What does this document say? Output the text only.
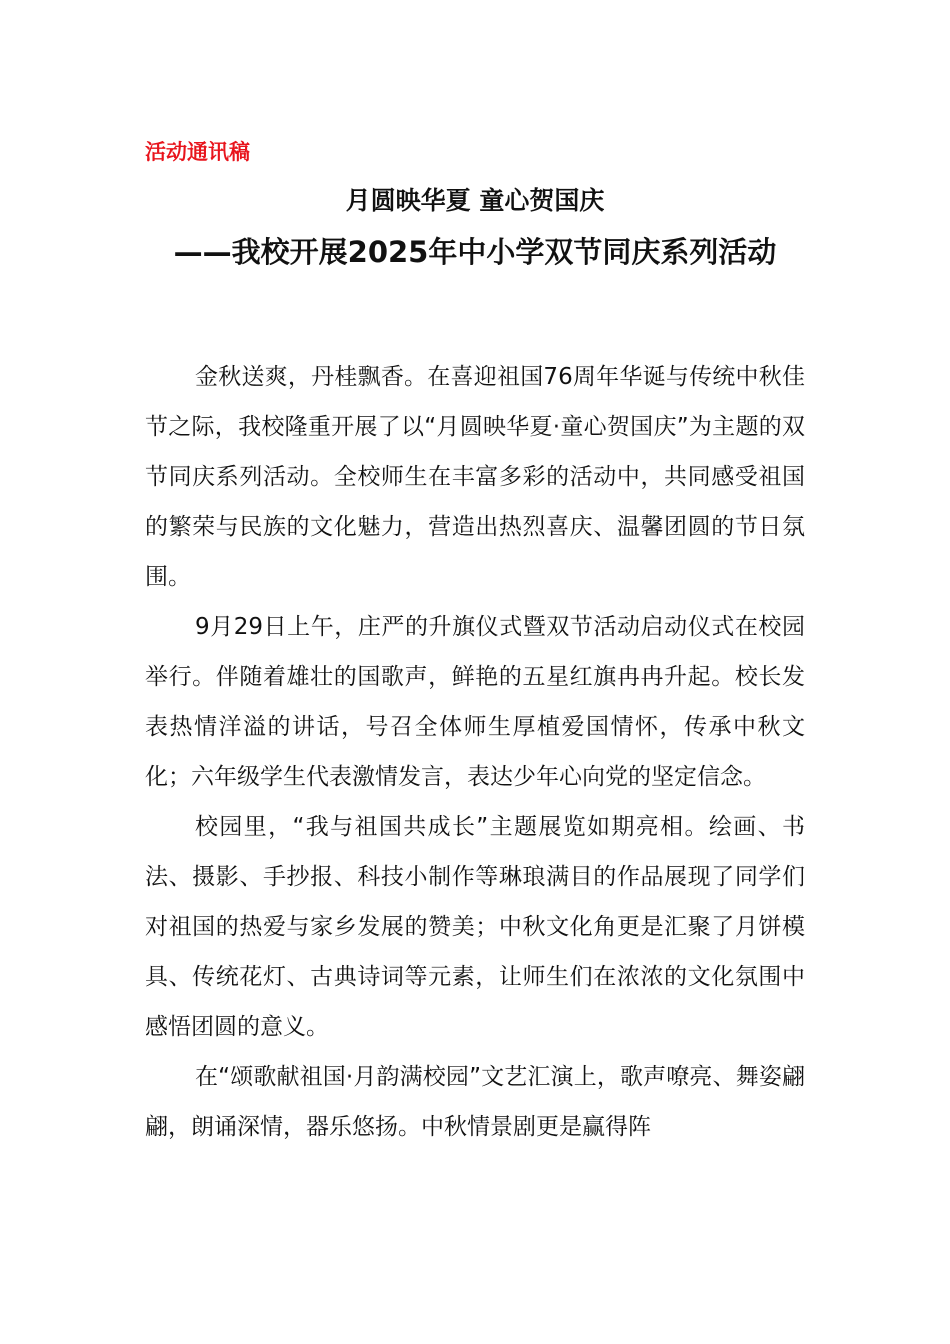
活动通讯稿
月圆映华夏 童心贺国庆
——我校开展2025年中小学双节同庆系列活动

金秋送爽，丹桂飘香。在喜迎祖国76周年华诞与传统中秋佳节之际，我校隆重开展了以“月圆映华夏·童心贺国庆”为主题的双节同庆系列活动。全校师生在丰富多彩的活动中，共同感受祖国的繁荣与民族的文化魅力，营造出热烈喜庆、温馨团圆的节日氛围。

9月29日上午，庄严的升旗仪式暨双节活动启动仪式在校园举行。伴随着雄壮的国歌声，鲜艳的五星红旗冉冉升起。校长发表热情洋溢的讲话，号召全体师生厚植爱国情怀，传承中秋文化；六年级学生代表激情发言，表达少年心向党的坚定信念。

校园里，“我与祖国共成长”主题展览如期亮相。绘画、书法、摄影、手抄报、科技小制作等琳琅满目的作品展现了同学们对祖国的热爱与家乡发展的赞美；中秋文化角更是汇聚了月饼模具、传统花灯、古典诗词等元素，让师生们在浓浓的文化氛围中感悟团圆的意义。

在“颂歌献祖国·月韵满校园”文艺汇演上，歌声嘹亮、舞姿翩翩，朗诵深情，器乐悠扬。中秋情景剧更是赢得阵
